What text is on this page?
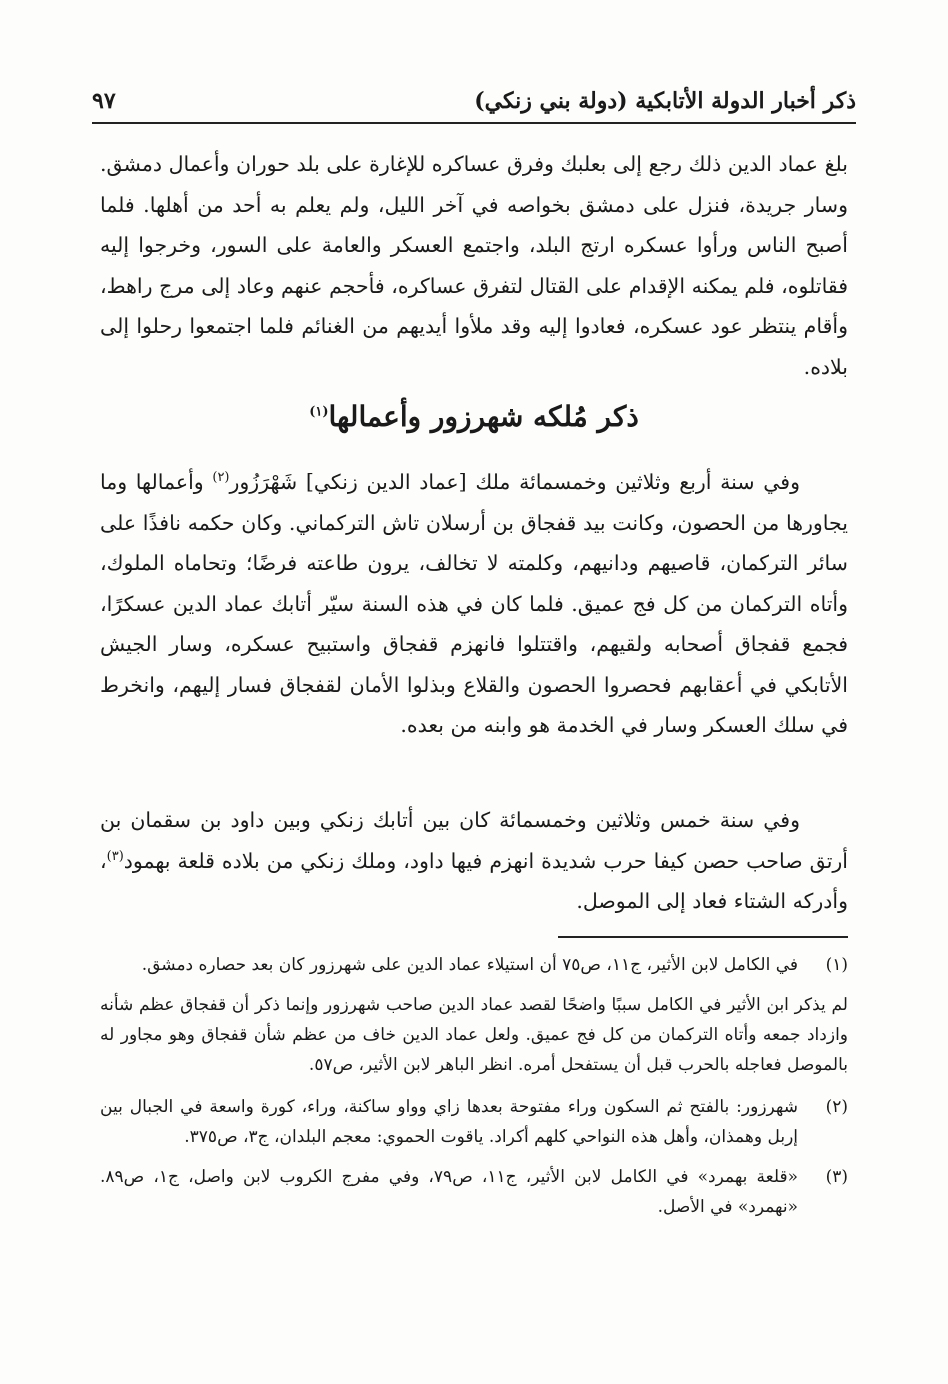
ذكر أخبار الدولة الأتابكية (دولة بني زنكي)
٩٧
بلغ عماد الدين ذلك رجع إلى بعلبك وفرق عساكره للإغارة على بلد حوران وأعمال دمشق. وسار جريدة، فنزل على دمشق بخواصه في آخر الليل، ولم يعلم به أحد من أهلها. فلما أصبح الناس ورأوا عسكره ارتج البلد، واجتمع العسكر والعامة على السور، وخرجوا إليه فقاتلوه، فلم يمكنه الإقدام على القتال لتفرق عساكره، فأحجم عنهم وعاد إلى مرج راهط، وأقام ينتظر عود عسكره، فعادوا إليه وقد ملأوا أيديهم من الغنائم فلما اجتمعوا رحلوا إلى بلاده.
ذكر مُلكه شهرزور وأعمالها$^{(١)}$
وفي سنة أربع وثلاثين وخمسمائة ملك [عماد الدين زنكي] شَهْرَزُور$^{(٢)}$ وأعمالها وما يجاورها من الحصون، وكانت بيد قفجاق بن أرسلان تاش التركماني. وكان حكمه نافذًا على سائر التركمان، قاصيهم ودانيهم، وكلمته لا تخالف، يرون طاعته فرضًا؛ وتحاماه الملوك، وأتاه التركمان من كل فج عميق. فلما كان في هذه السنة سيّر أتابك عماد الدين عسكرًا، فجمع قفجاق أصحابه ولقيهم، واقتتلوا فانهزم قفجاق واستبيح عسكره، وسار الجيش الأتابكي في أعقابهم فحصروا الحصون والقلاع وبذلوا الأمان لقفجاق فسار إليهم، وانخرط في سلك العسكر وسار في الخدمة هو وابنه من بعده.
وفي سنة خمس وثلاثين وخمسمائة كان بين أتابك زنكي وبين داود بن سقمان بن أرتق صاحب حصن كيفا حرب شديدة انهزم فيها داود، وملك زنكي من بلاده قلعة بهمود$^{(٣)}$، وأدركه الشتاء فعاد إلى الموصل.
(١)
في الكامل لابن الأثير، ج١١، ص٧٥ أن استيلاء عماد الدين على شهرزور كان بعد حصاره دمشق.
لم يذكر ابن الأثير في الكامل سببًا واضحًا لقصد عماد الدين صاحب شهرزور وإنما ذكر أن قفجاق عظم شأنه وازداد جمعه وأتاه التركمان من كل فج عميق. ولعل عماد الدين خاف من عظم شأن قفجاق وهو مجاور له بالموصل فعاجله بالحرب قبل أن يستفحل أمره. انظر الباهر لابن الأثير، ص٥٧.
(٢)
شهرزور: بالفتح ثم السكون وراء مفتوحة بعدها زاي وواو ساكنة، وراء، كورة واسعة في الجبال بين إربل وهمذان، وأهل هذه النواحي كلهم أكراد. ياقوت الحموي: معجم البلدان، ج٣، ص٣٧٥.
(٣)
«قلعة بهمرد» في الكامل لابن الأثير، ج١١، ص٧٩، وفي مفرج الكروب لابن واصل، ج١، ص٨٩. «نهمرد» في الأصل.
